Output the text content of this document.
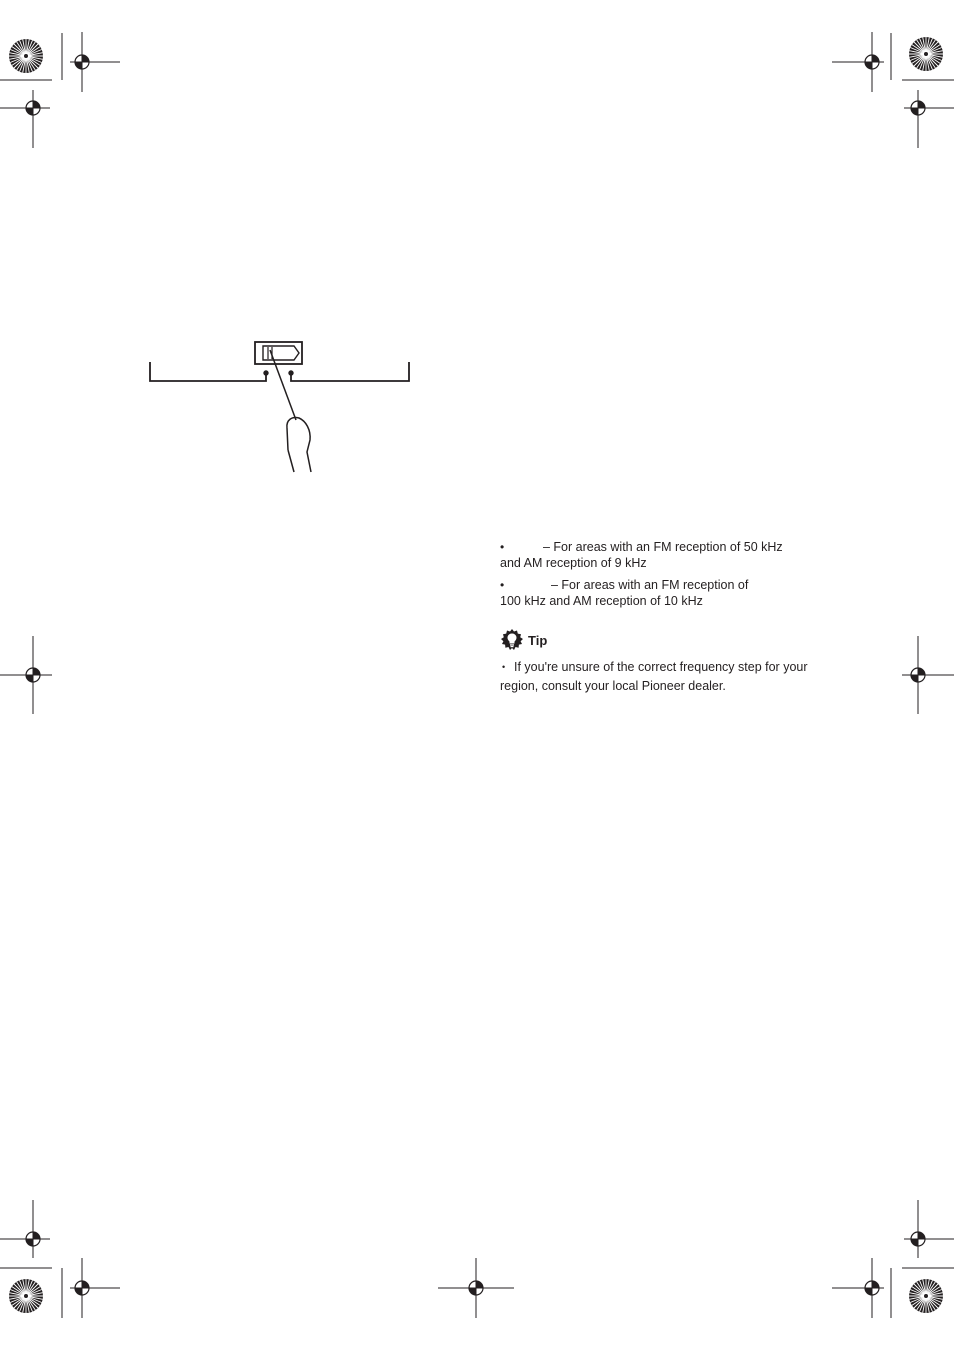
•	– For areas with an FM reception of 50 kHz
and AM reception of 9 kHz
•	– For areas with an FM reception of
100 kHz and AM reception of 10 kHz
Tip
• If you're unsure of the correct frequency step for your
region, consult your local Pioneer dealer.
